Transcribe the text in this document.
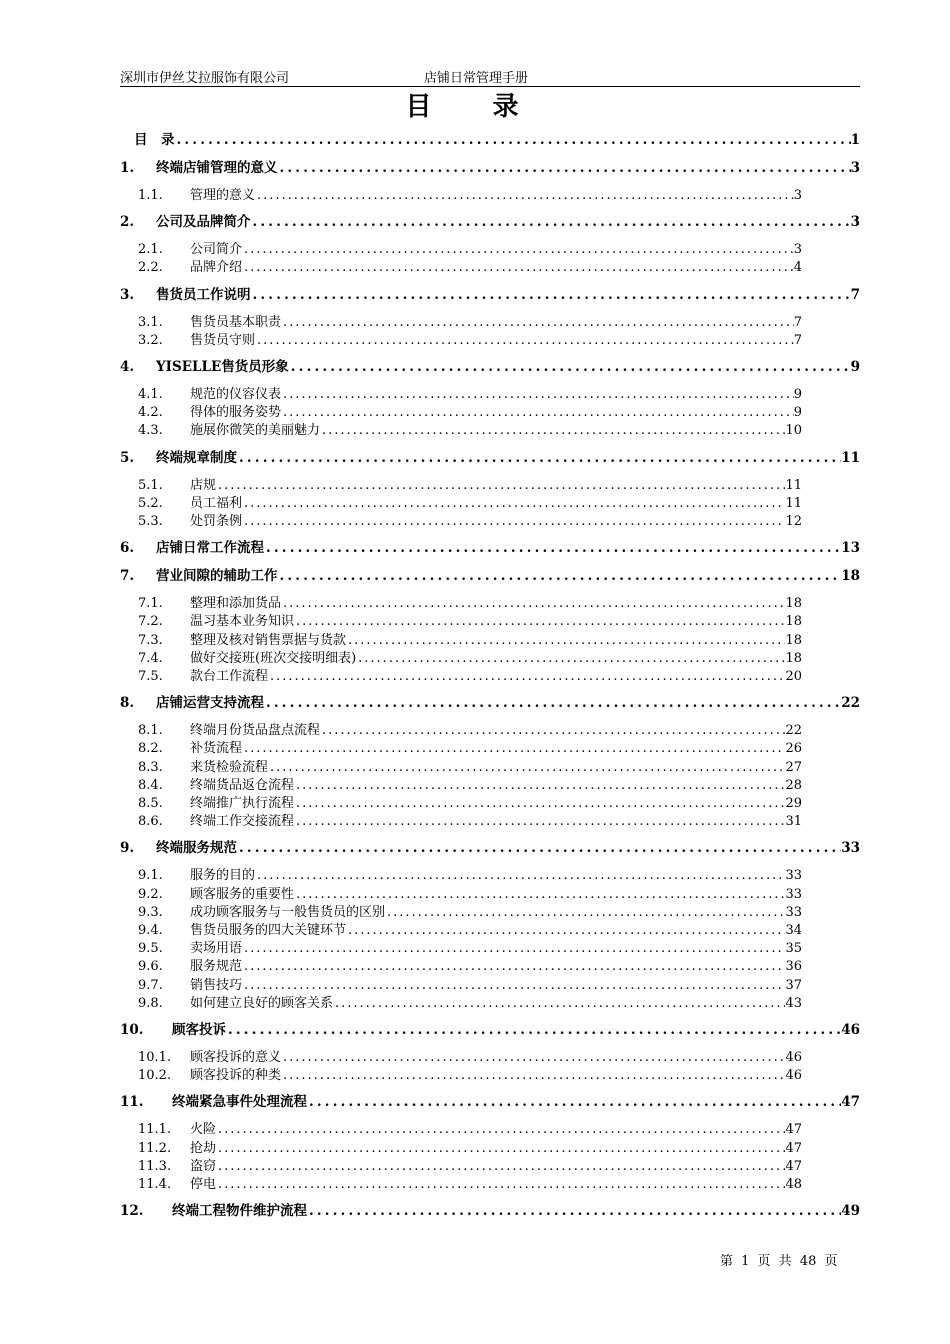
深圳市伊丝艾拉服饰有限公司	店铺日常管理手册
目 录
目　录 .....	1
1.	终端店铺管理的意义 .....	3
1.1.	管理的意义 .....	3
2.	公司及品牌简介 .....	3
2.1.	公司简介 .....	3
2.2.	品牌介绍 .....	4
3.	售货员工作说明 .....	7
3.1.	售货员基本职责 .....	7
3.2.	售货员守则 .....	7
4.	YISELLE售货员形象 .....	9
4.1.	规范的仪容仪表 .....	9
4.2.	得体的服务姿势 .....	9
4.3.	施展你微笑的美丽魅力 .....	10
5.	终端规章制度 .....	11
5.1.	店规 .....	11
5.2.	员工福利 .....	11
5.3.	处罚条例 .....	12
6.	店铺日常工作流程 .....	13
7.	营业间隙的辅助工作 .....	18
7.1.	整理和添加货品 .....	18
7.2.	温习基本业务知识 .....	18
7.3.	整理及核对销售票据与货款 .....	18
7.4.	做好交接班(班次交接明细表) .....	18
7.5.	款台工作流程 .....	20
8.	店铺运营支持流程 .....	22
8.1.	终端月份货品盘点流程 .....	22
8.2.	补货流程 .....	26
8.3.	来货检验流程 .....	27
8.4.	终端货品返仓流程 .....	28
8.5.	终端推广执行流程 .....	29
8.6.	终端工作交接流程 .....	31
9.	终端服务规范 .....	33
9.1.	服务的目的 .....	33
9.2.	顾客服务的重要性 .....	33
9.3.	成功顾客服务与一般售货员的区别 .....	33
9.4.	售货员服务的四大关键环节 .....	34
9.5.	卖场用语 .....	35
9.6.	服务规范 .....	36
9.7.	销售技巧 .....	37
9.8.	如何建立良好的顾客关系 .....	43
10.	顾客投诉 .....	46
10.1.	顾客投诉的意义 .....	46
10.2.	顾客投诉的种类 .....	46
11.	终端紧急事件处理流程 .....	47
11.1.	火险 .....	47
11.2.	抢劫 .....	47
11.3.	盗窃 .....	47
11.4.	停电 .....	48
12.	终端工程物件维护流程 .....	49
第 1 页 共 48 页
